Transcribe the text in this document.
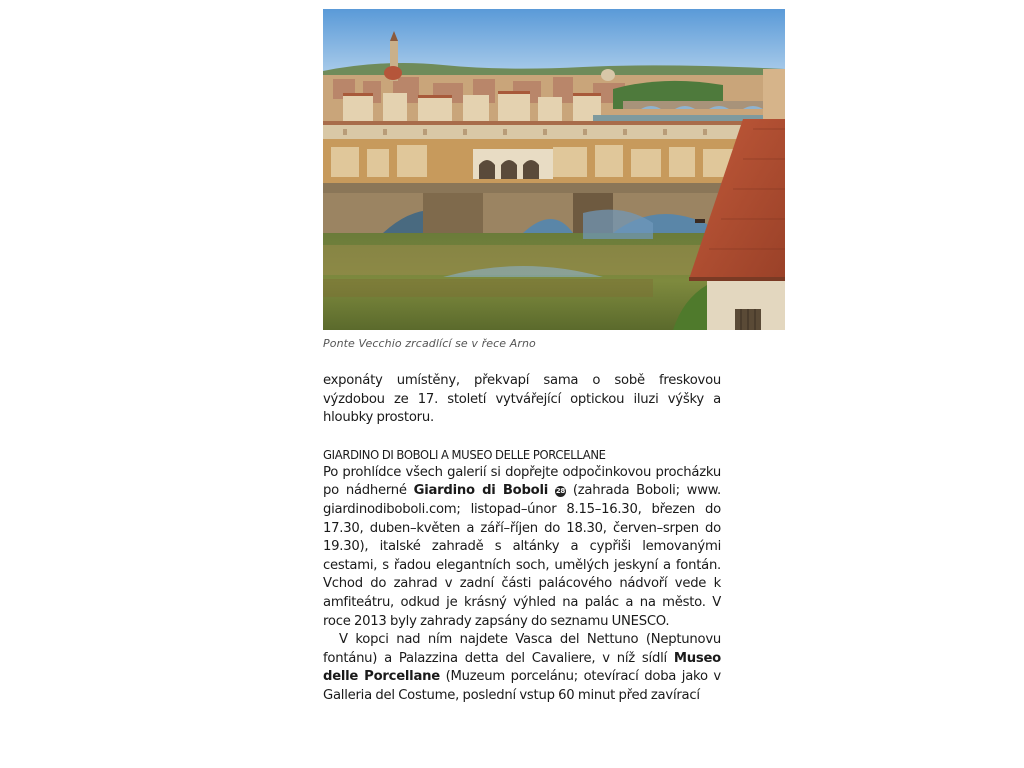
Ponte Vecchio zrcadlící se v řece Arno

exponáty umístěny, překvapí sama o sobě freskovou výzdobou ze 17. století vytvářející optickou iluzi výšky a hloubky prostoru.

GIARDINO DI BOBOLI A MUSEO DELLE PORCELLANE

Po prohlídce všech galerií si dopřejte odpočinkovou procházku po nádherné Giardino di Boboli 28 (zahrada Boboli; www. giardinodiboboli.com; listopad–únor 8.15–16.30, březen do 17.30, duben–květen a září–říjen do 18.30, červen–srpen do 19.30), italské zahradě s altánky a cypřiši lemovanými cestami, s řadou elegantních soch, umělých jeskyní a fontán. Vchod do zahrad v zadní části palácového nádvoří vede k amfiteátru, odkud je krásný výhled na palác a na město. V roce 2013 byly zahrady zapsány do seznamu UNESCO.

V kopci nad ním najdete Vasca del Nettuno (Neptunovu fontánu) a Palazzina detta del Cavaliere, v níž sídlí Museo delle Porcellane (Muzeum porcelánu; otevírací doba jako v Galleria del Costume, poslední vstup 60 minut před zavírací
